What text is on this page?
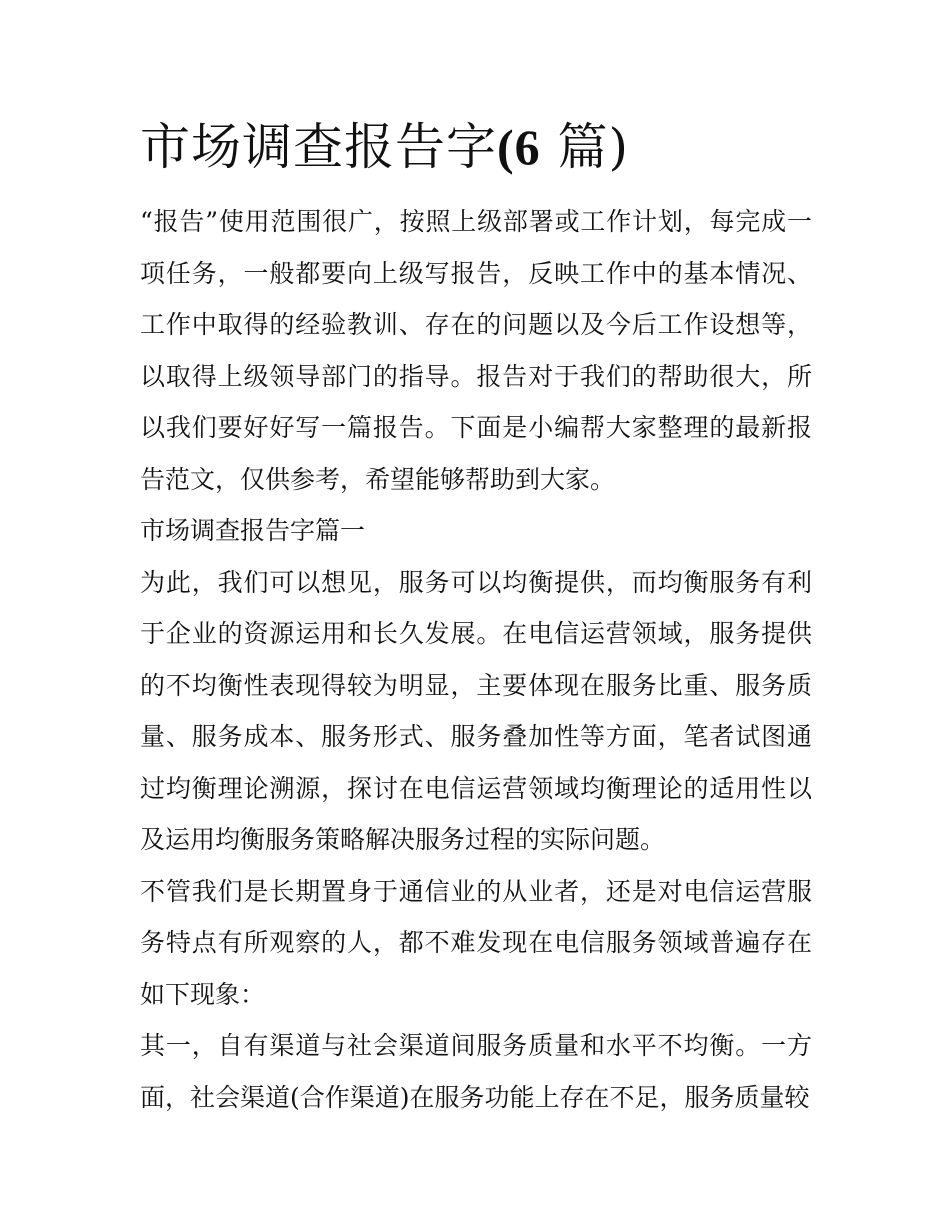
市场调查报告字(6 篇)

“报告”使用范围很广，按照上级部署或工作计划，每完成一项任务，一般都要向上级写报告，反映工作中的基本情况、工作中取得的经验教训、存在的问题以及今后工作设想等，以取得上级领导部门的指导。报告对于我们的帮助很大，所以我们要好好写一篇报告。下面是小编帮大家整理的最新报告范文，仅供参考，希望能够帮助到大家。

市场调查报告字篇一

为此，我们可以想见，服务可以均衡提供，而均衡服务有利于企业的资源运用和长久发展。在电信运营领域，服务提供的不均衡性表现得较为明显，主要体现在服务比重、服务质量、服务成本、服务形式、服务叠加性等方面，笔者试图通过均衡理论溯源，探讨在电信运营领域均衡理论的适用性以及运用均衡服务策略解决服务过程的实际问题。

不管我们是长期置身于通信业的从业者，还是对电信运营服务特点有所观察的人，都不难发现在电信服务领域普遍存在如下现象：

其一，自有渠道与社会渠道间服务质量和水平不均衡。一方面，社会渠道(合作渠道)在服务功能上存在不足，服务质量较
